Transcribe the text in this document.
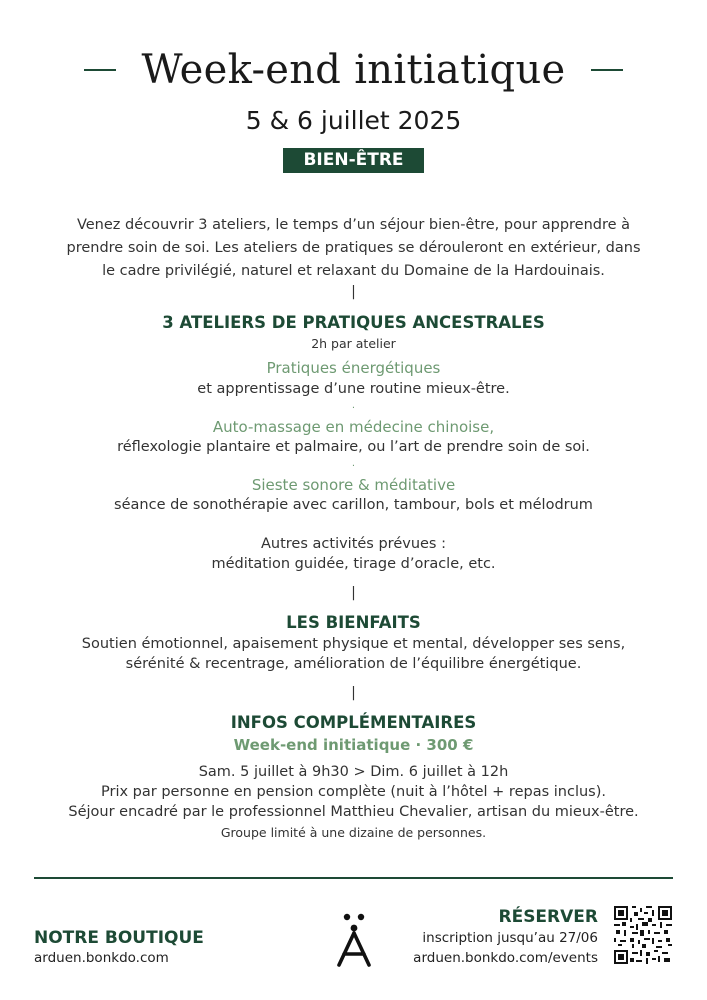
Week-end initiatique
5 & 6 juillet 2025
BIEN-ÊTRE
Venez découvrir 3 ateliers, le temps d’un séjour bien-être, pour apprendre à
prendre soin de soi. Les ateliers de pratiques se dérouleront en extérieur, dans
le cadre privilégié, naturel et relaxant du Domaine de la Hardouinais.
|
3 ATELIERS DE PRATIQUES ANCESTRALES
2h par atelier
Pratiques énergétiques
et apprentissage d’une routine mieux-être.
·
Auto-massage en médecine chinoise,
réflexologie plantaire et palmaire, ou l’art de prendre soin de soi.
·
Sieste sonore & méditative
séance de sonothérapie avec carillon, tambour, bols et mélodrum
Autres activités prévues :
méditation guidée, tirage d’oracle, etc.
|
LES BIENFAITS
Soutien émotionnel, apaisement physique et mental, développer ses sens,
sérénité & recentrage, amélioration de l’équilibre énergétique.
|
INFOS COMPLÉMENTAIRES
Week-end initiatique · 300 €
Sam. 5 juillet à 9h30 > Dim. 6 juillet à 12h
Prix par personne en pension complète (nuit à l’hôtel + repas inclus).
Séjour encadré par le professionnel Matthieu Chevalier, artisan du mieux-être.
Groupe limité à une dizaine de personnes.
NOTRE BOUTIQUE
arduen.bonkdo.com
RÉSERVER
inscription jusqu’au 27/06
arduen.bonkdo.com/events
